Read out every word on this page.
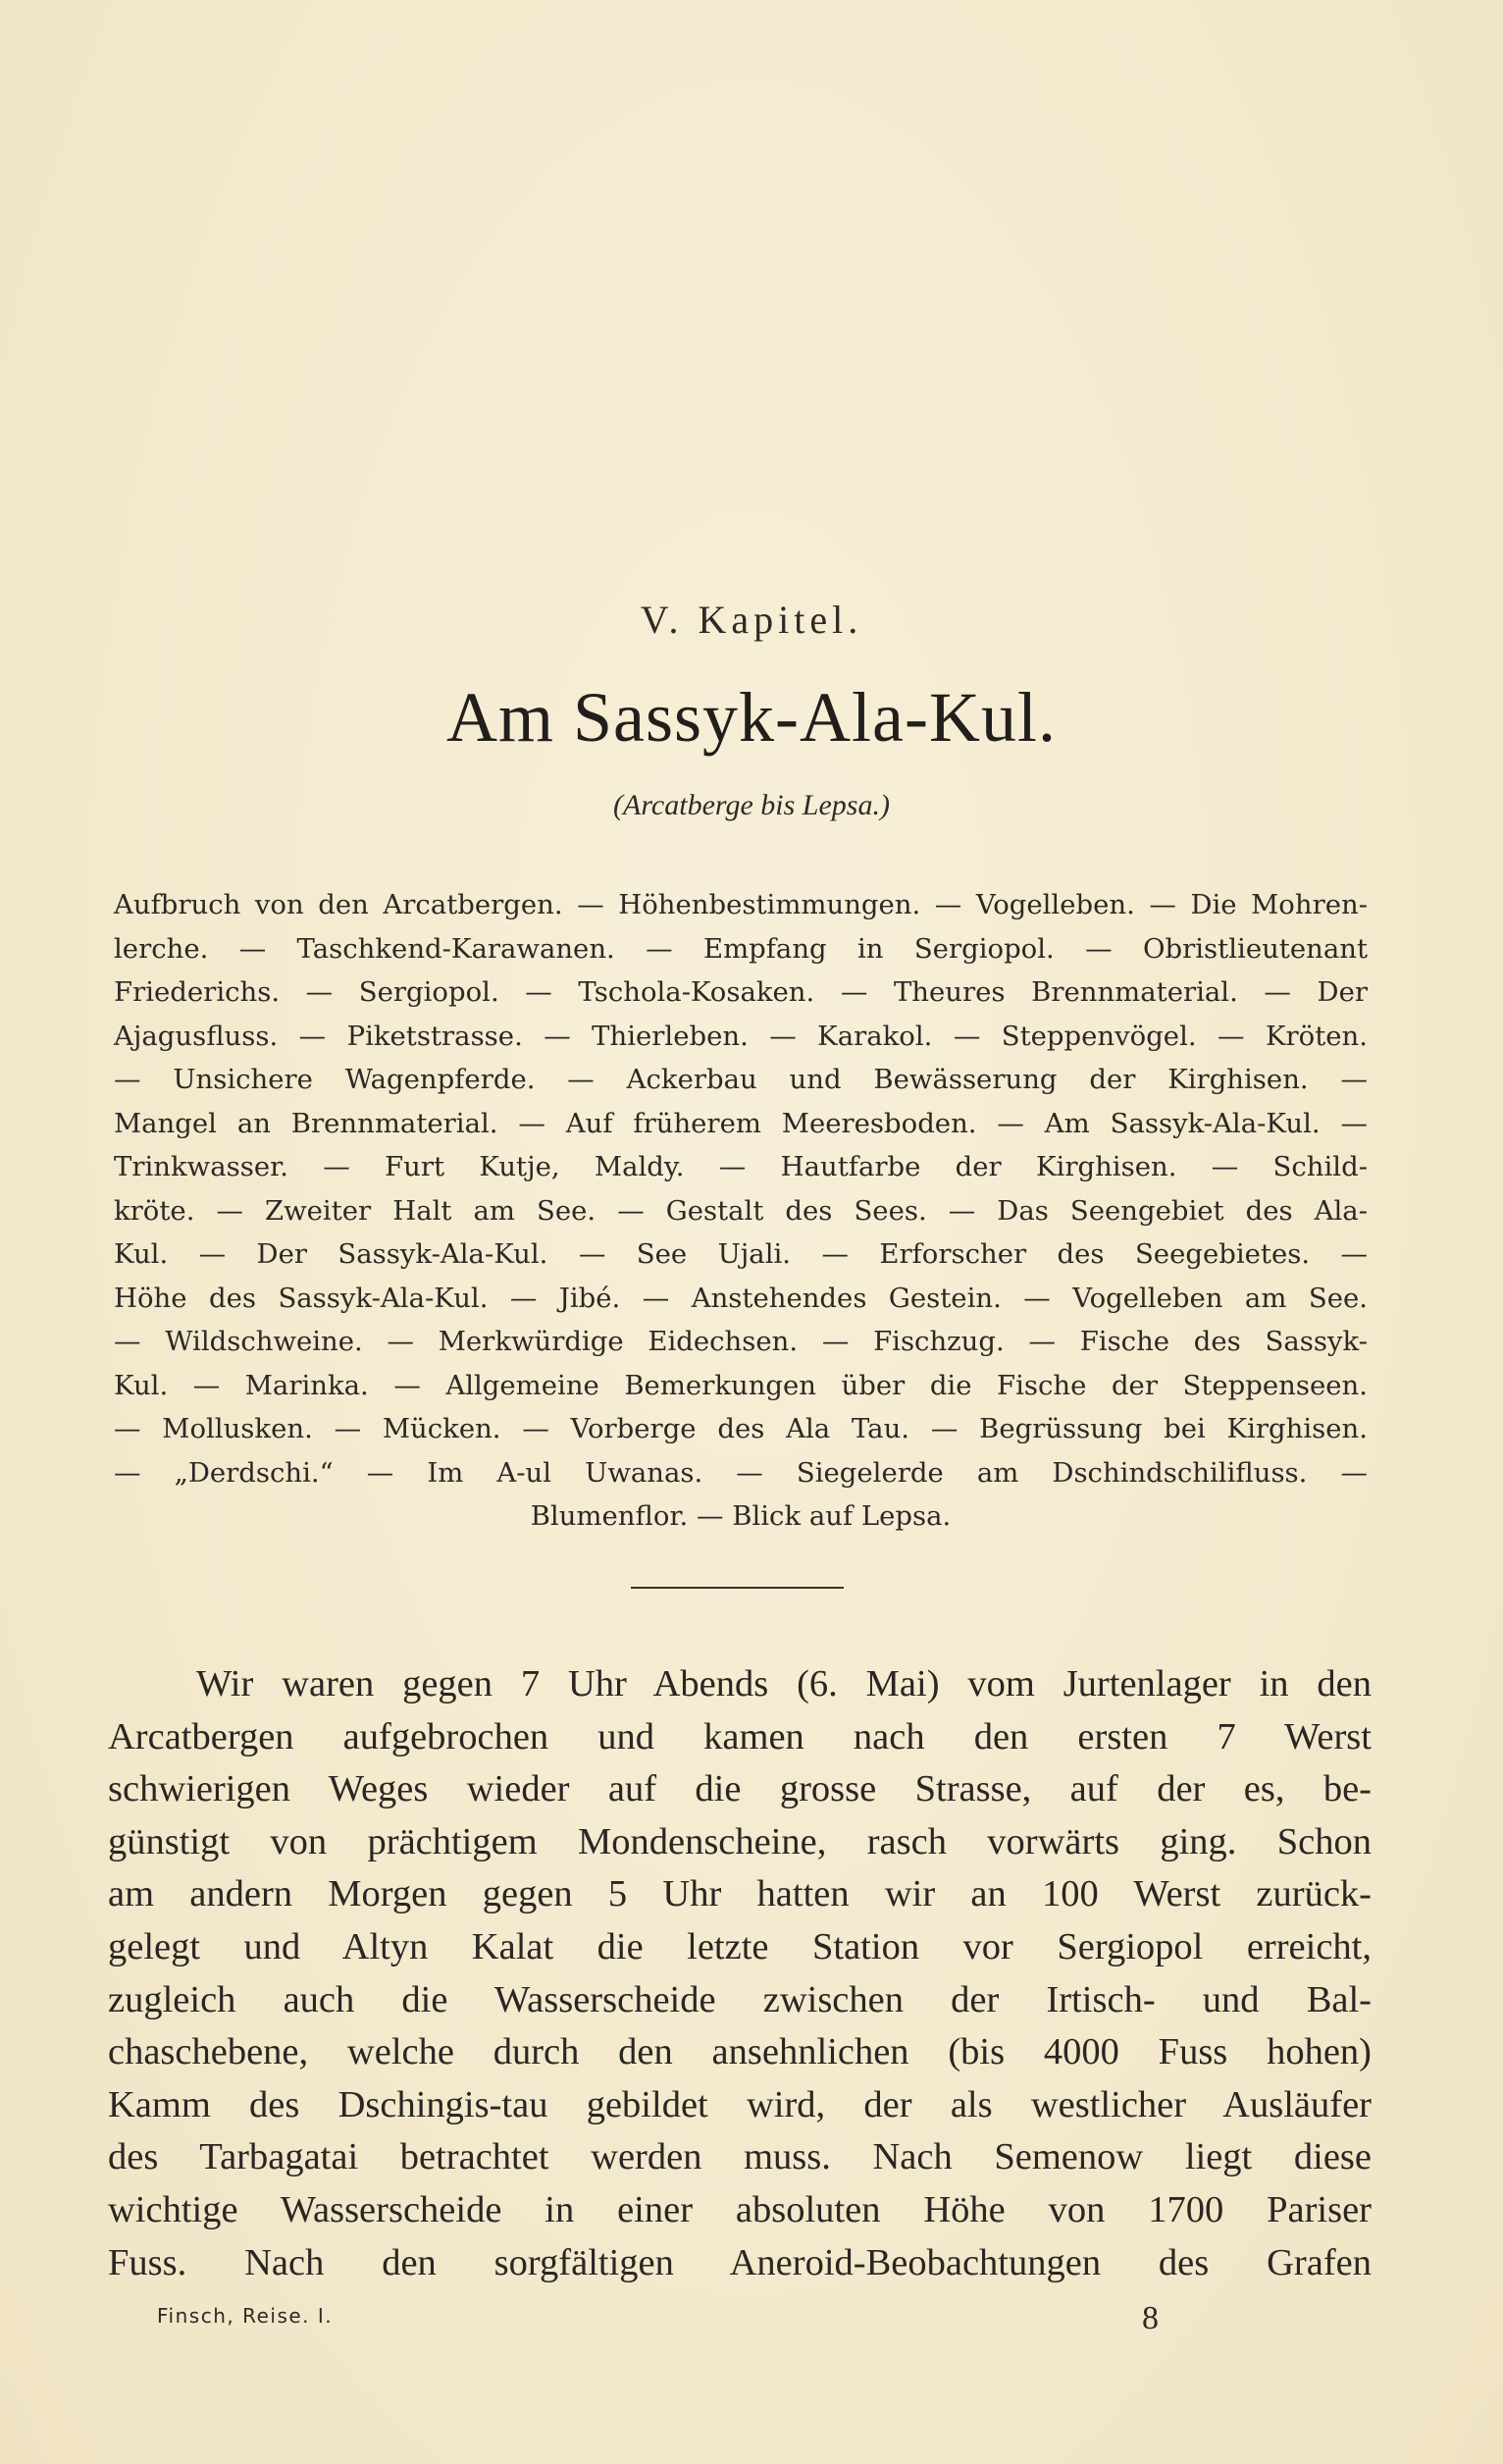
V. Kapitel.
Am Sassyk-Ala-Kul.
(Arcatberge bis Lepsa.)
Aufbruch von den Arcatbergen. — Höhenbestimmungen. — Vogelleben. — Die Mohren-
lerche. — Taschkend-Karawanen. — Empfang in Sergiopol. — Obristlieutenant
Friederichs. — Sergiopol. — Tschola-Kosaken. — Theures Brennmaterial. — Der
Ajagusfluss. — Piketstrasse. — Thierleben. — Karakol. — Steppenvögel. — Kröten.
— Unsichere Wagenpferde. — Ackerbau und Bewässerung der Kirghisen. —
Mangel an Brennmaterial. — Auf früherem Meeresboden. — Am Sassyk-Ala-Kul. —
Trinkwasser. — Furt Kutje, Maldy. — Hautfarbe der Kirghisen. — Schild-
kröte. — Zweiter Halt am See. — Gestalt des Sees. — Das Seengebiet des Ala-
Kul. — Der Sassyk-Ala-Kul. — See Ujali. — Erforscher des Seegebietes. —
Höhe des Sassyk-Ala-Kul. — Jibé. — Anstehendes Gestein. — Vogelleben am See.
— Wildschweine. — Merkwürdige Eidechsen. — Fischzug. — Fische des Sassyk-
Kul. — Marinka. — Allgemeine Bemerkungen über die Fische der Steppenseen.
— Mollusken. — Mücken. — Vorberge des Ala Tau. — Begrüssung bei Kirghisen.
— „Derdschi.“ — Im A-ul Uwanas. — Siegelerde am Dschindschilifluss. —
Blumenflor. — Blick auf Lepsa.
Wir waren gegen 7 Uhr Abends (6. Mai) vom Jurtenlager in den
Arcatbergen aufgebrochen und kamen nach den ersten 7 Werst
schwierigen Weges wieder auf die grosse Strasse, auf der es, be-
günstigt von prächtigem Mondenscheine, rasch vorwärts ging. Schon
am andern Morgen gegen 5 Uhr hatten wir an 100 Werst zurück-
gelegt und Altyn Kalat die letzte Station vor Sergiopol erreicht,
zugleich auch die Wasserscheide zwischen der Irtisch- und Bal-
chaschebene, welche durch den ansehnlichen (bis 4000 Fuss hohen)
Kamm des Dschingis-tau gebildet wird, der als westlicher Ausläufer
des Tarbagatai betrachtet werden muss. Nach Semenow liegt diese
wichtige Wasserscheide in einer absoluten Höhe von 1700 Pariser
Fuss. Nach den sorgfältigen Aneroid-Beobachtungen des Grafen
Finsch, Reise. I.	8
